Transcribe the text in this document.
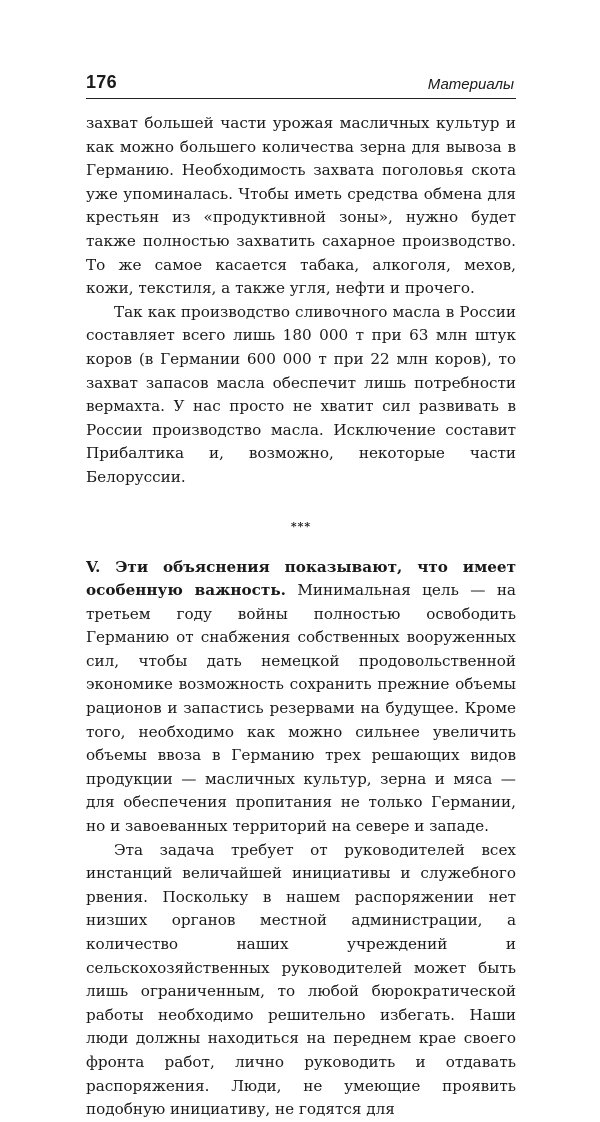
176	Материалы

захват большей части урожая масличных культур и как можно большего количества зерна для вывоза в Германию. Необходимость захвата поголовья скота уже упоминалась. Чтобы иметь средства обмена для крестьян из «продуктивной зоны», нужно будет также полностью захватить сахарное производство. То же самое касается табака, алкоголя, мехов, кожи, текстиля, а также угля, нефти и прочего.

Так как производство сливочного масла в России составляет всего лишь 180 000 т при 63 млн штук коров (в Германии 600 000 т при 22 млн коров), то захват запасов масла обеспечит лишь потребности вермахта. У нас просто не хватит сил развивать в России производство масла. Исключение составит Прибалтика и, возможно, некоторые части Белоруссии.

***

V. Эти объяснения показывают, что имеет особенную важность. Минимальная цель — на третьем году войны полностью освободить Германию от снабжения собственных вооруженных сил, чтобы дать немецкой продовольственной экономике возможность сохранить прежние объемы рационов и запастись резервами на будущее. Кроме того, необходимо как можно сильнее увеличить объемы ввоза в Германию трех решающих видов продукции — масличных культур, зерна и мяса — для обеспечения пропитания не только Германии, но и завоеванных территорий на севере и западе.

Эта задача требует от руководителей всех инстанций величайшей инициативы и служебного рвения. Поскольку в нашем распоряжении нет низших органов местной администрации, а количество наших учреждений и сельскохозяйственных руководителей может быть лишь ограниченным, то любой бюрократической работы необходимо решительно избегать. Наши люди должны находиться на переднем крае своего фронта работ, лично руководить и отдавать распоряжения. Люди, не умеющие проявить подобную инициативу, не годятся для
